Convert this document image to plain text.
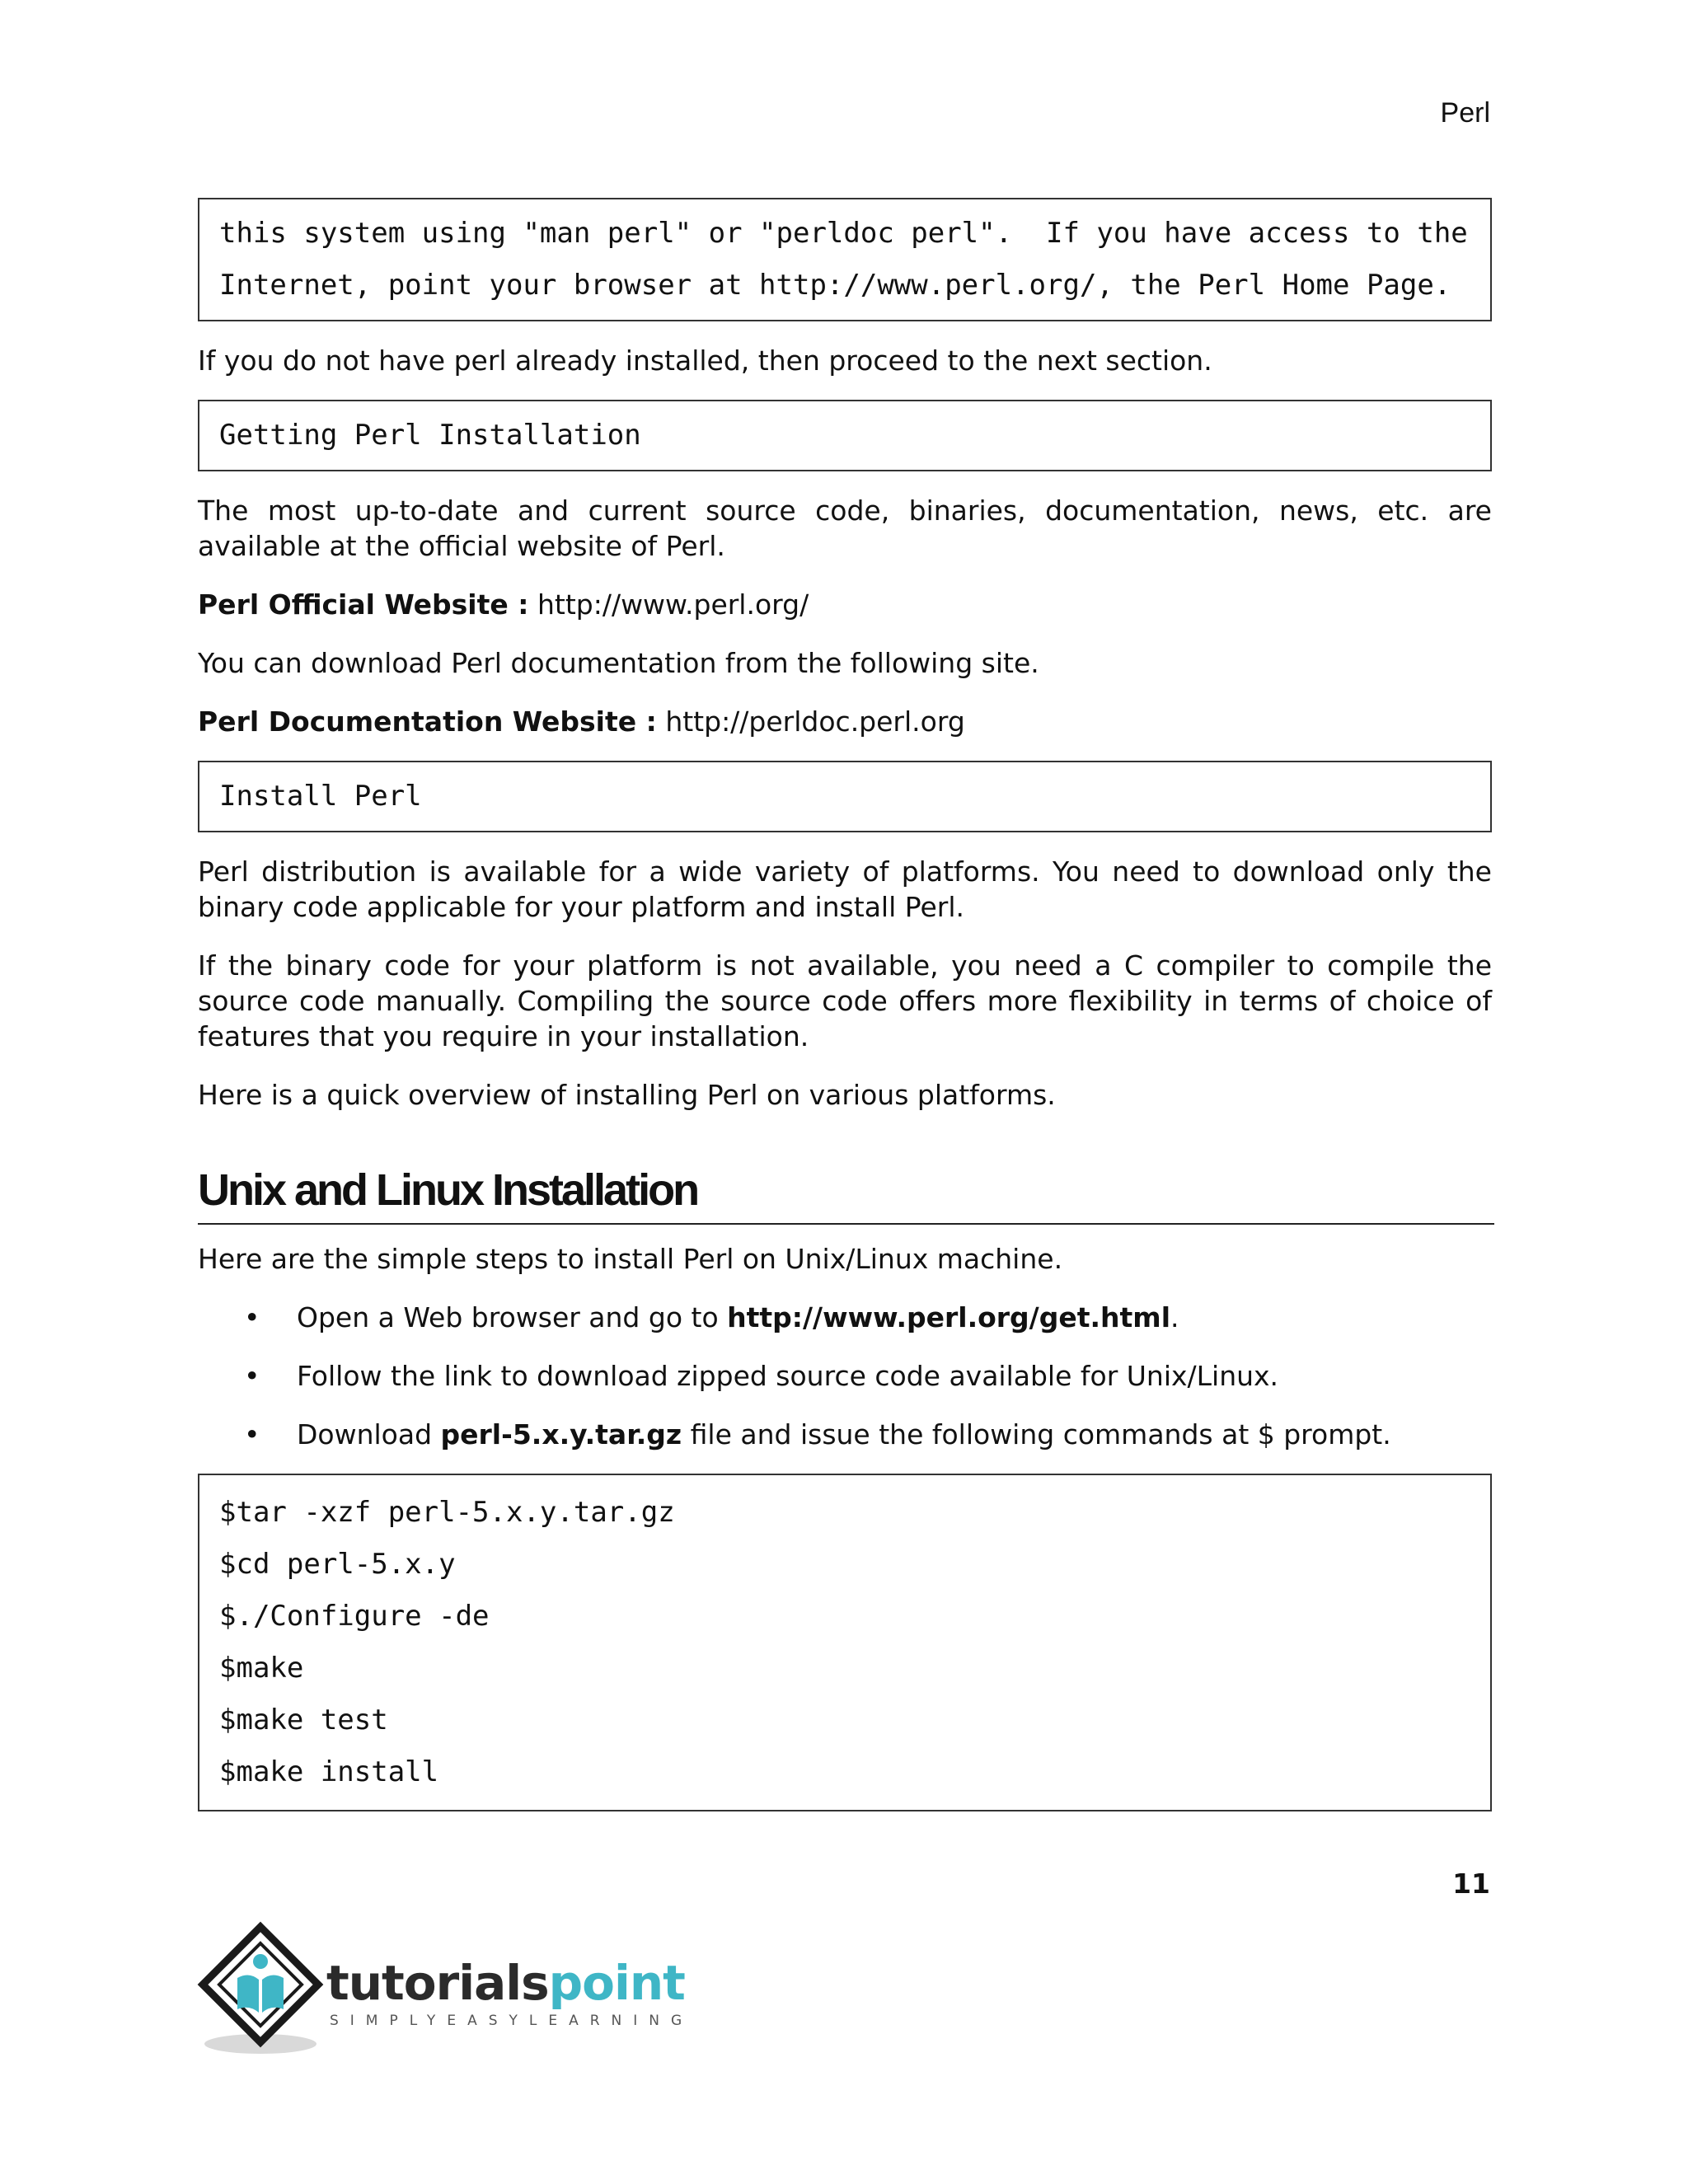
Perl
this system using "man perl" or "perldoc perl".  If you have access to the
Internet, point your browser at http://www.perl.org/, the Perl Home Page.

If you do not have perl already installed, then proceed to the next section.

Getting Perl Installation

The most up-to-date and current source code, binaries, documentation, news, etc. are available at the official website of Perl.

Perl Official Website : http://www.perl.org/

You can download Perl documentation from the following site.

Perl Documentation Website : http://perldoc.perl.org

Install Perl

Perl distribution is available for a wide variety of platforms. You need to download only the binary code applicable for your platform and install Perl.

If the binary code for your platform is not available, you need a C compiler to compile the source code manually. Compiling the source code offers more flexibility in terms of choice of features that you require in your installation.

Here is a quick overview of installing Perl on various platforms.

Unix and Linux Installation

Here are the simple steps to install Perl on Unix/Linux machine.

• Open a Web browser and go to http://www.perl.org/get.html.
• Follow the link to download zipped source code available for Unix/Linux.
• Download perl-5.x.y.tar.gz file and issue the following commands at $ prompt.
$tar -xzf perl-5.x.y.tar.gz
$cd perl-5.x.y
$./Configure -de
$make
$make test
$make install
11
tutorialspoint
SIMPLYEASYLEARNING
